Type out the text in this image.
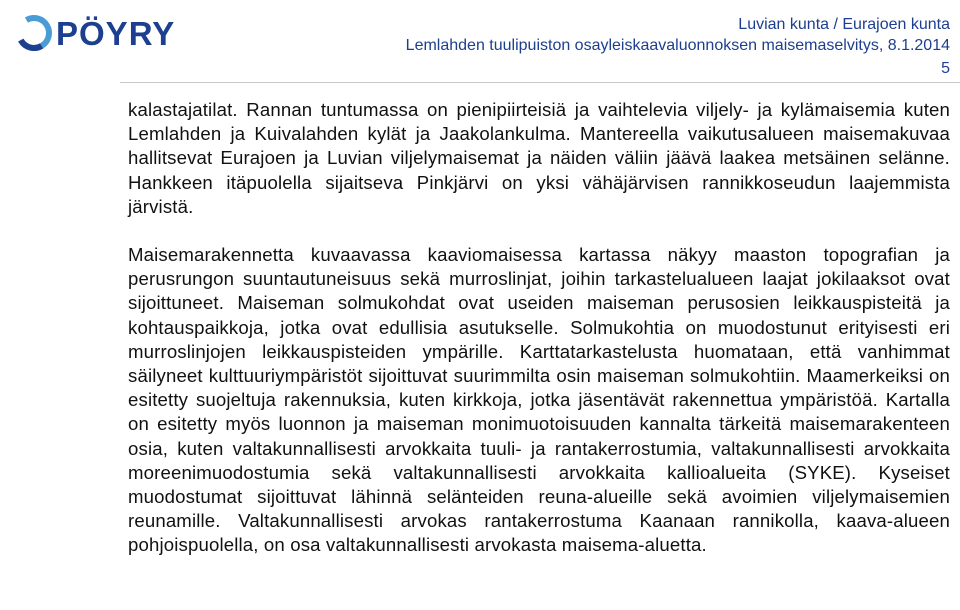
PÖYRY	Luvian kunta / Eurajoen kunta
Lemlahden tuulipuiston osayleiskaavaluonnoksen maisemaselvitys, 8.1.2014
5

kalastajatilat. Rannan tuntumassa on pienipiirteisiä ja vaihtelevia viljely- ja kylämaisemia kuten Lemlahden ja Kuivalahden kylät ja Jaakolankulma. Mantereella vaikutusalueen maisemakuvaa hallitsevat Eurajoen ja Luvian viljelymaisemat ja näiden väliin jäävä laakea metsäinen selänne. Hankkeen itäpuolella sijaitseva Pinkjärvi on yksi vähäjärvisen rannikkoseudun laajemmista järvistä.

Maisemarakennetta kuvaavassa kaaviomaisessa kartassa näkyy maaston topografian ja perusrungon suuntautuneisuus sekä murroslinjat, joihin tarkastelualueen laajat jokilaaksot ovat sijoittuneet. Maiseman solmukohdat ovat useiden maiseman perusosien leikkauspisteitä ja kohtauspaikkoja, jotka ovat edullisia asutukselle. Solmukohtia on muodostunut erityisesti eri murroslinjojen leikkauspisteiden ympärille. Karttatarkastelusta huomataan, että vanhimmat säilyneet kulttuuriympäristöt sijoittuvat suurimmilta osin maiseman solmukohtiin. Maamerkeiksi on esitetty suojeltuja rakennuksia, kuten kirkkoja, jotka jäsentävät rakennettua ympäristöä. Kartalla on esitetty myös luonnon ja maiseman monimuotoisuuden kannalta tärkeitä maisemarakenteen osia, kuten valtakunnallisesti arvokkaita tuuli- ja rantakerrostumia, valtakunnallisesti arvokkaita moreenimuodostumia sekä valtakunnallisesti arvokkaita kallioalueita (SYKE). Kyseiset muodostumat sijoittuvat lähinnä selänteiden reuna-alueille sekä avoimien viljelymaisemien reunamille. Valtakunnallisesti arvokas rantakerrostuma Kaanaan rannikolla, kaava-alueen pohjoispuolella, on osa valtakunnallisesti arvokasta maisema-aluetta.
